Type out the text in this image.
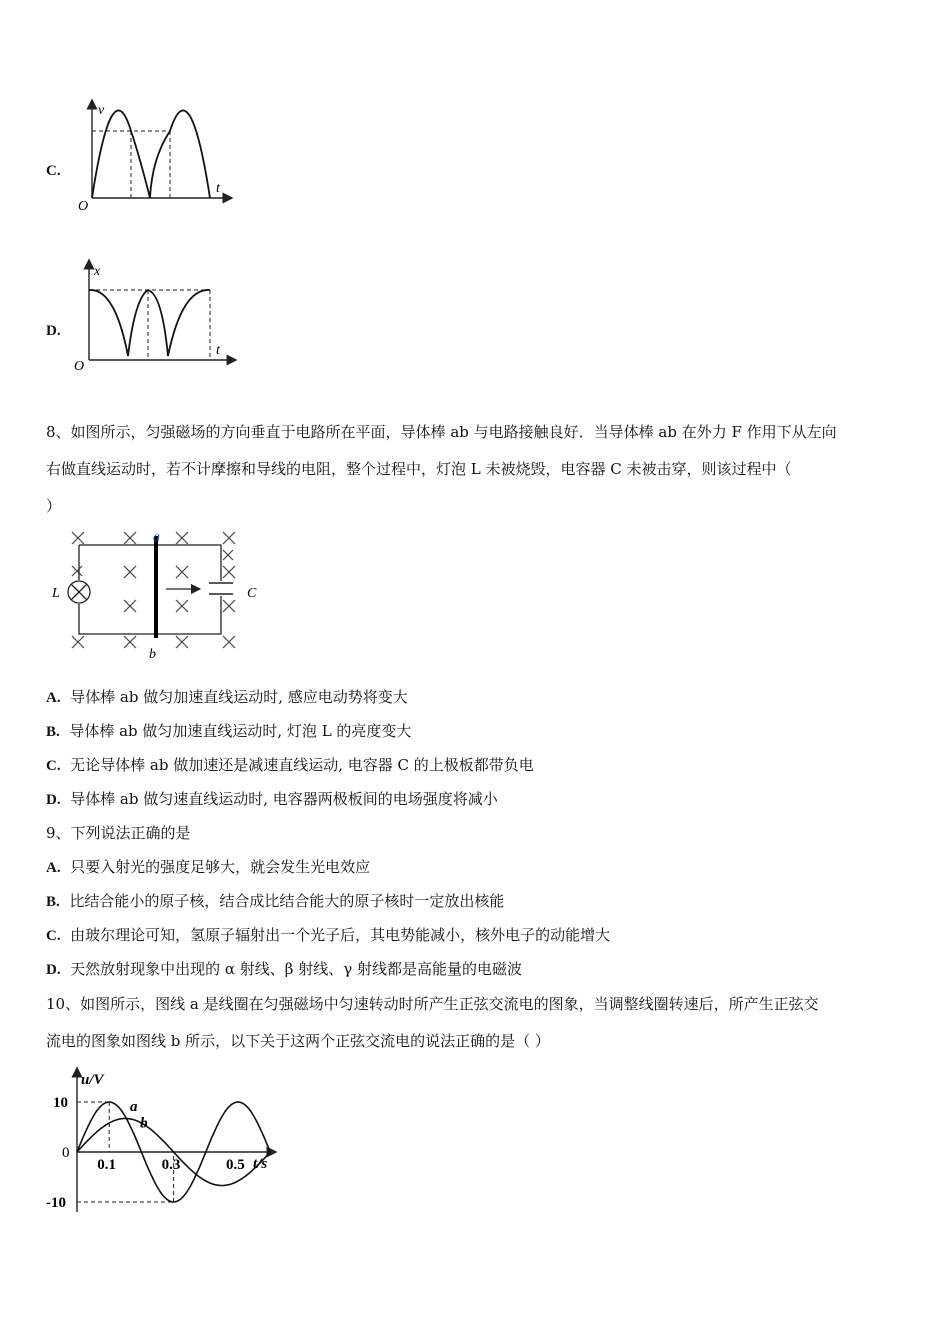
C.
v
t
O
D.
x
t
O
8、如图所示，匀强磁场的方向垂直于电路所在平面，导体棒 ab 与电路接触良好．当导体棒 ab 在外力 F 作用下从左向
右做直线运动时，若不计摩擦和导线的电阻，整个过程中，灯泡 L 未被烧毁，电容器 C 未被击穿，则该过程中（
）
a
b
L	C
A. 导体棒 ab 做匀加速直线运动时, 感应电动势将变大
B. 导体棒 ab 做匀加速直线运动时, 灯泡 L 的亮度变大
C. 无论导体棒 ab 做加速还是减速直线运动, 电容器 C 的上极板都带负电
D. 导体棒 ab 做匀速直线运动时, 电容器两极板间的电场强度将减小
9、下列说法正确的是
A. 只要入射光的强度足够大，就会发生光电效应
B. 比结合能小的原子核，结合成比结合能大的原子核时一定放出核能
C. 由玻尔理论可知，氢原子辐射出一个光子后，其电势能减小，核外电子的动能增大
D. 天然放射现象中出现的 α 射线、β 射线、γ 射线都是高能量的电磁波
10、如图所示，图线 a 是线圈在匀强磁场中匀速转动时所产生正弦交流电的图象，当调整线圈转速后，所产生正弦交
流电的图象如图线 b 所示，以下关于这两个正弦交流电的说法正确的是（ ）
u/V
t/s
0
a
b
0.1	0.3	0.5
10
-10
